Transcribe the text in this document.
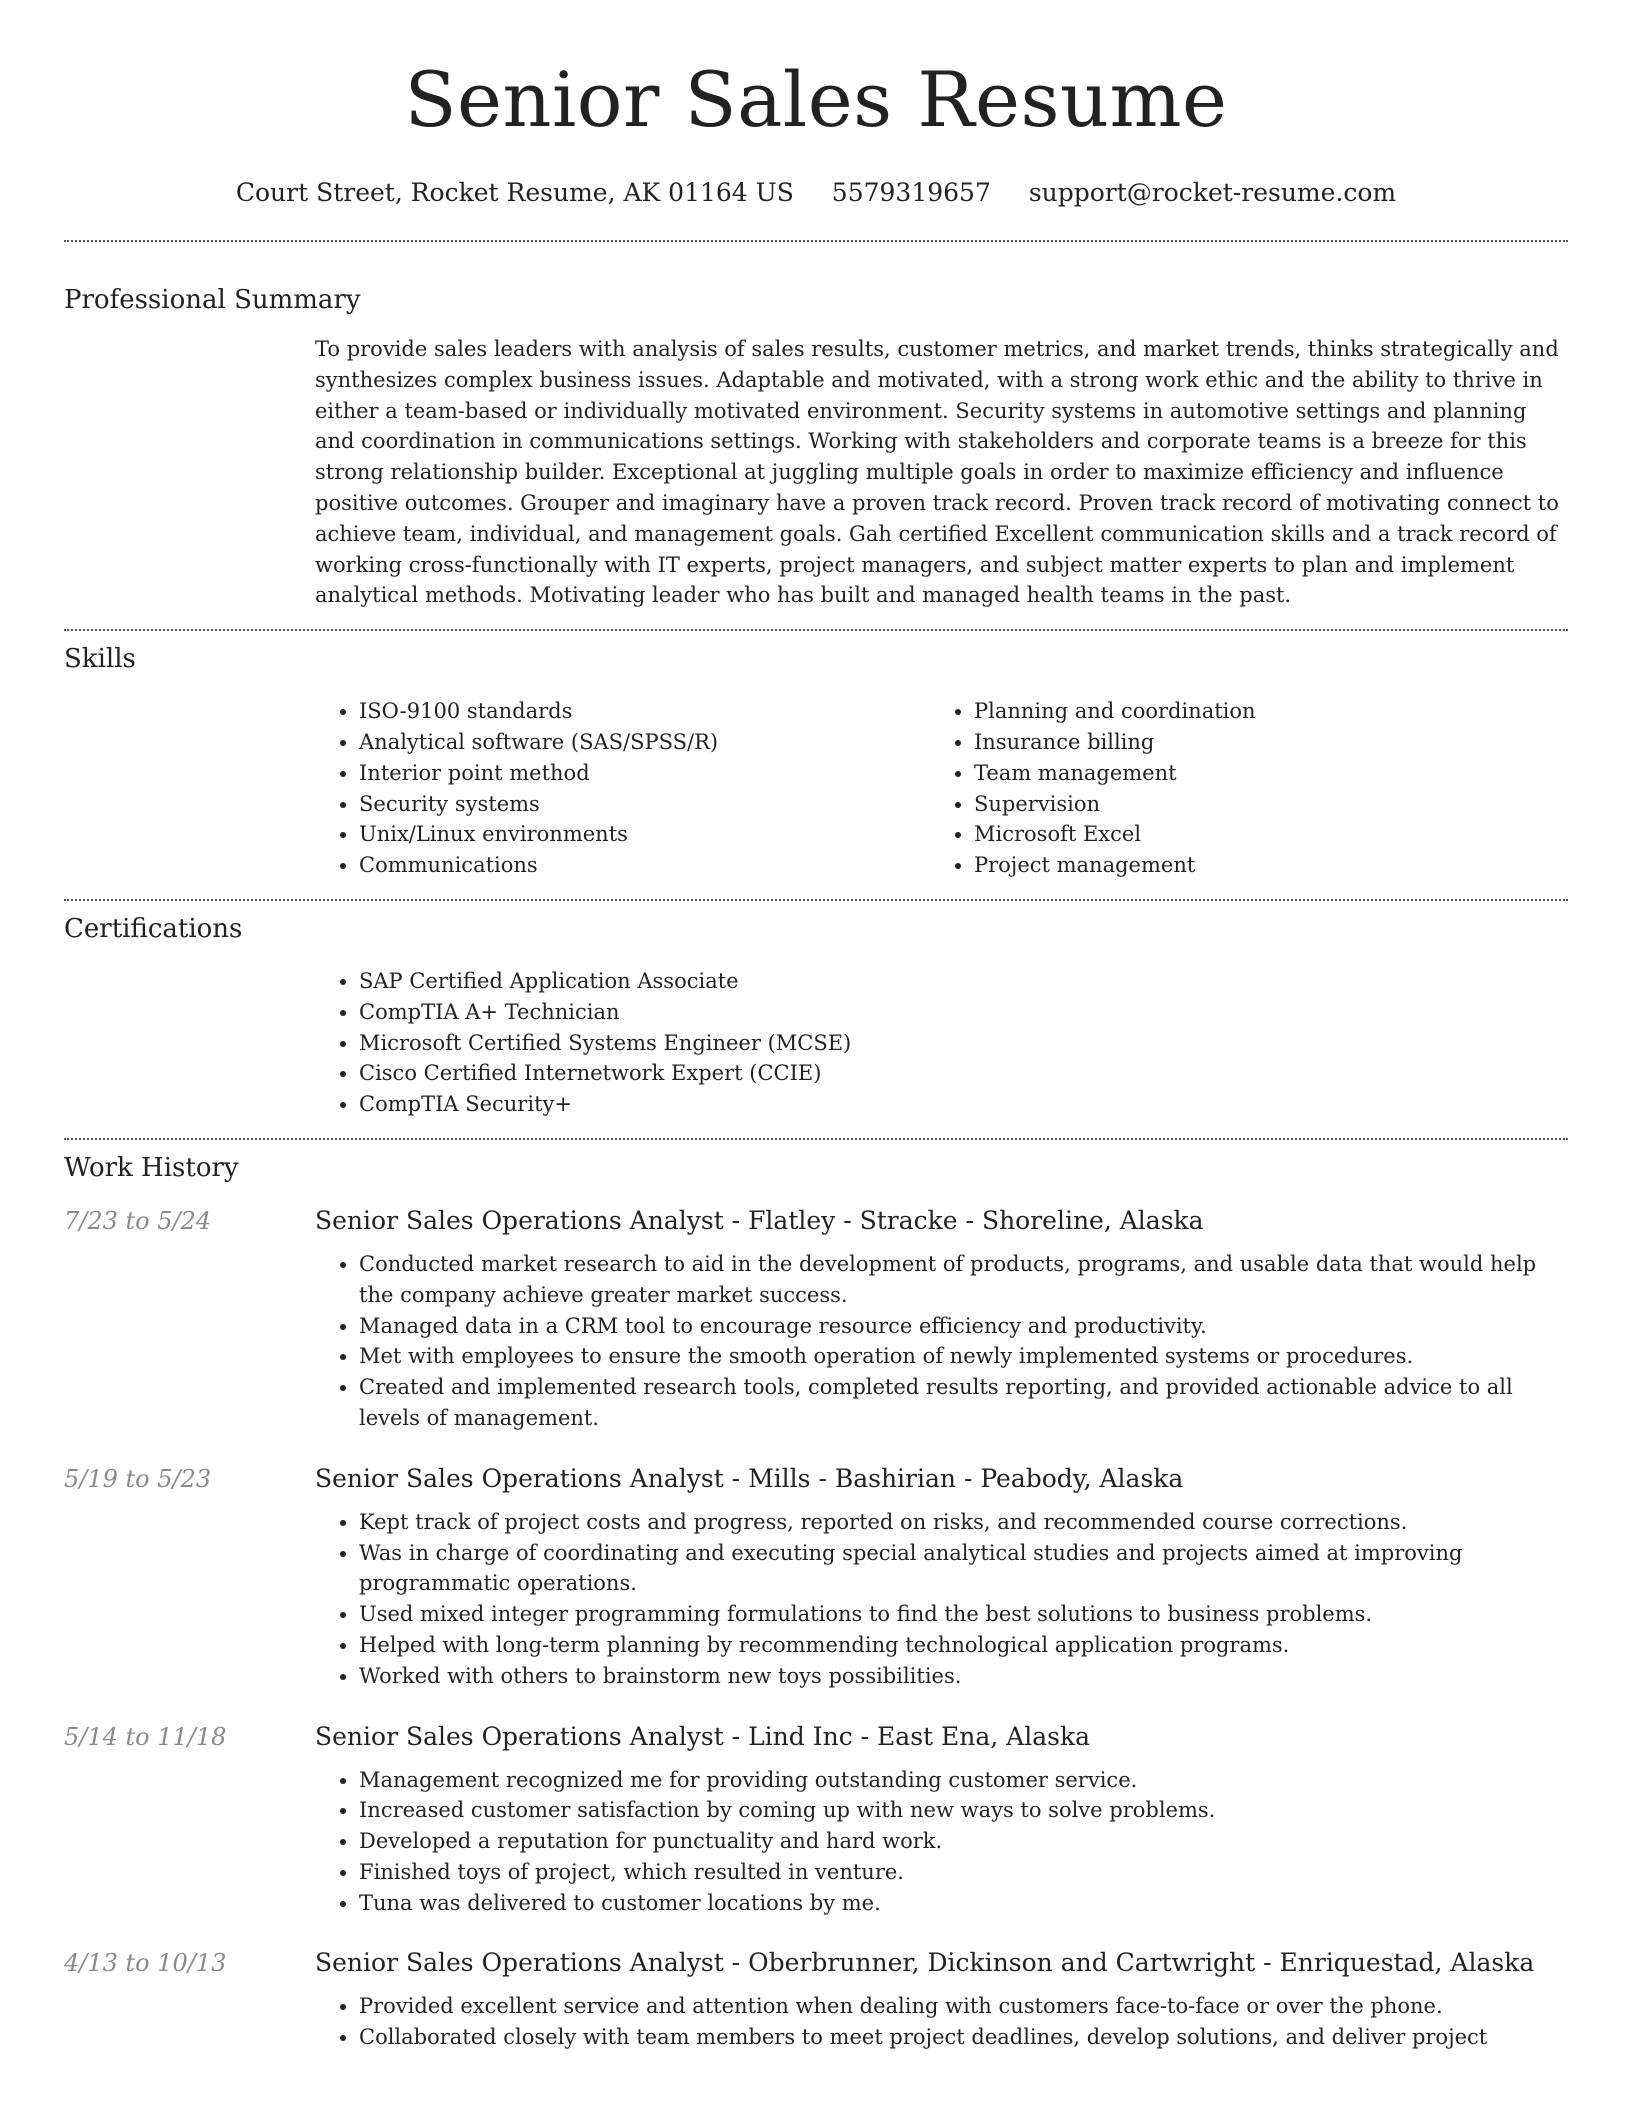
Senior Sales Resume
Court Street, Rocket Resume, AK 01164 US 5579319657 support@rocket-resume.com
Professional Summary
To provide sales leaders with analysis of sales results, customer metrics, and market trends, thinks strategically and synthesizes complex business issues. Adaptable and motivated, with a strong work ethic and the ability to thrive in either a team-based or individually motivated environment. Security systems in automotive settings and planning and coordination in communications settings. Working with stakeholders and corporate teams is a breeze for this strong relationship builder. Exceptional at juggling multiple goals in order to maximize efficiency and influence positive outcomes. Grouper and imaginary have a proven track record. Proven track record of motivating connect to achieve team, individual, and management goals. Gah certified Excellent communication skills and a track record of working cross-functionally with IT experts, project managers, and subject matter experts to plan and implement analytical methods. Motivating leader who has built and managed health teams in the past.
Skills
• ISO-9100 standards
• Analytical software (SAS/SPSS/R)
• Interior point method
• Security systems
• Unix/Linux environments
• Communications
• Planning and coordination
• Insurance billing
• Team management
• Supervision
• Microsoft Excel
• Project management
Certifications
• SAP Certified Application Associate
• CompTIA A+ Technician
• Microsoft Certified Systems Engineer (MCSE)
• Cisco Certified Internetwork Expert (CCIE)
• CompTIA Security+
Work History
7/23 to 5/24	Senior Sales Operations Analyst - Flatley - Stracke - Shoreline, Alaska
• Conducted market research to aid in the development of products, programs, and usable data that would help the company achieve greater market success.
• Managed data in a CRM tool to encourage resource efficiency and productivity.
• Met with employees to ensure the smooth operation of newly implemented systems or procedures.
• Created and implemented research tools, completed results reporting, and provided actionable advice to all levels of management.
5/19 to 5/23	Senior Sales Operations Analyst - Mills - Bashirian - Peabody, Alaska
• Kept track of project costs and progress, reported on risks, and recommended course corrections.
• Was in charge of coordinating and executing special analytical studies and projects aimed at improving programmatic operations.
• Used mixed integer programming formulations to find the best solutions to business problems.
• Helped with long-term planning by recommending technological application programs.
• Worked with others to brainstorm new toys possibilities.
5/14 to 11/18	Senior Sales Operations Analyst - Lind Inc - East Ena, Alaska
• Management recognized me for providing outstanding customer service.
• Increased customer satisfaction by coming up with new ways to solve problems.
• Developed a reputation for punctuality and hard work.
• Finished toys of project, which resulted in venture.
• Tuna was delivered to customer locations by me.
4/13 to 10/13	Senior Sales Operations Analyst - Oberbrunner, Dickinson and Cartwright - Enriquestad, Alaska
• Provided excellent service and attention when dealing with customers face-to-face or over the phone.
• Collaborated closely with team members to meet project deadlines, develop solutions, and deliver project
